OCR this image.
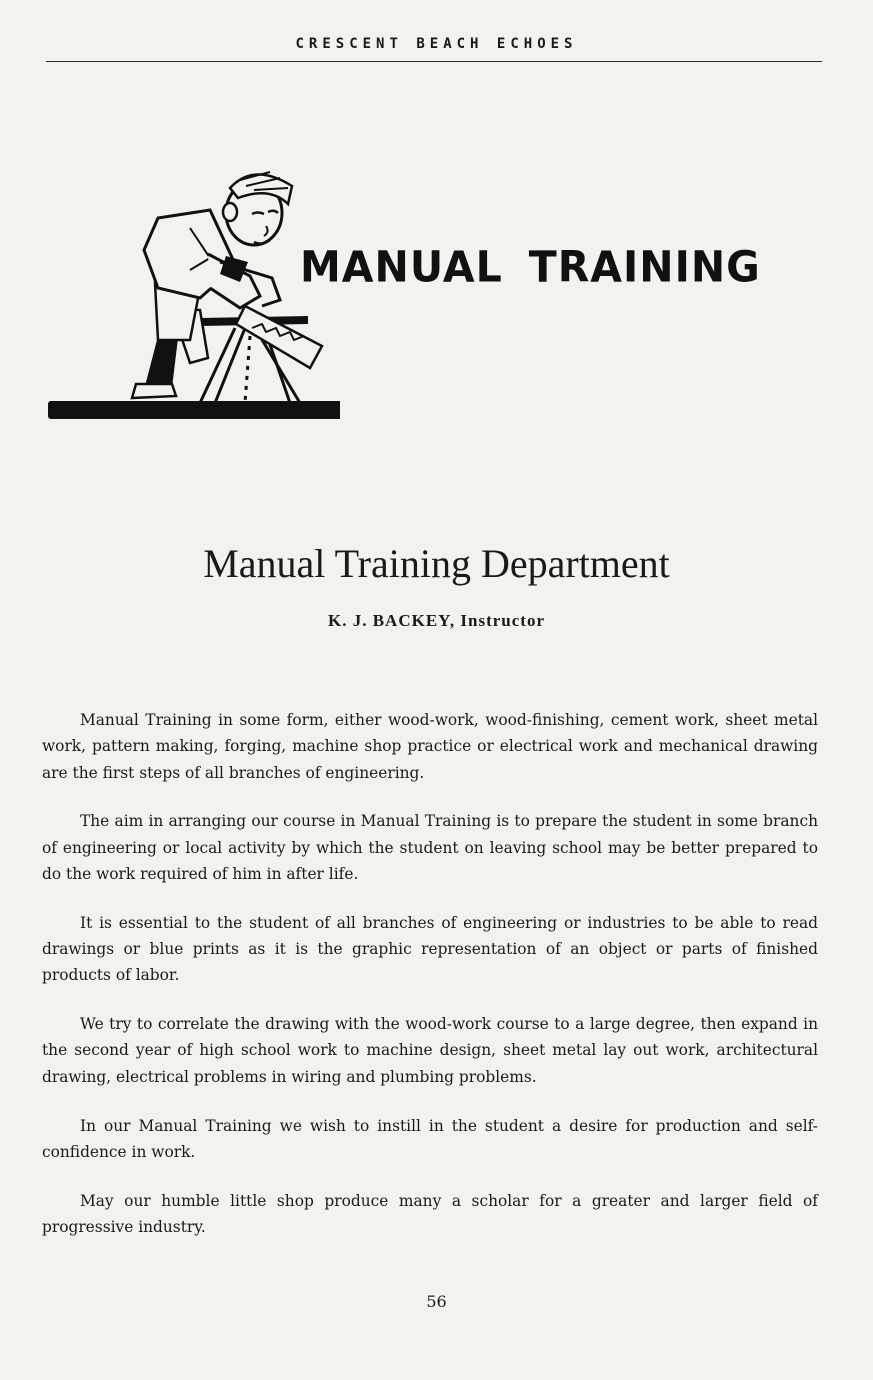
CRESCENT BEACH ECHOES
MANUAL TRAINING
Manual Training Department
K. J. BACKEY, Instructor

Manual Training in some form, either wood-work, wood-finishing, cement work, sheet metal work, pattern making, forging, machine shop practice or electrical work and mechanical drawing are the first steps of all branches of engineering.

The aim in arranging our course in Manual Training is to prepare the student in some branch of engineering or local activity by which the student on leaving school may be better prepared to do the work required of him in after life.

It is essential to the student of all branches of engineering or industries to be able to read drawings or blue prints as it is the graphic representation of an object or parts of finished products of labor.

We try to correlate the drawing with the wood-work course to a large degree, then expand in the second year of high school work to machine design, sheet metal lay out work, architectural drawing, electrical problems in wiring and plumbing problems.

In our Manual Training we wish to instill in the student a desire for production and self-confidence in work.

May our humble little shop produce many a scholar for a greater and larger field of progressive industry.

56
